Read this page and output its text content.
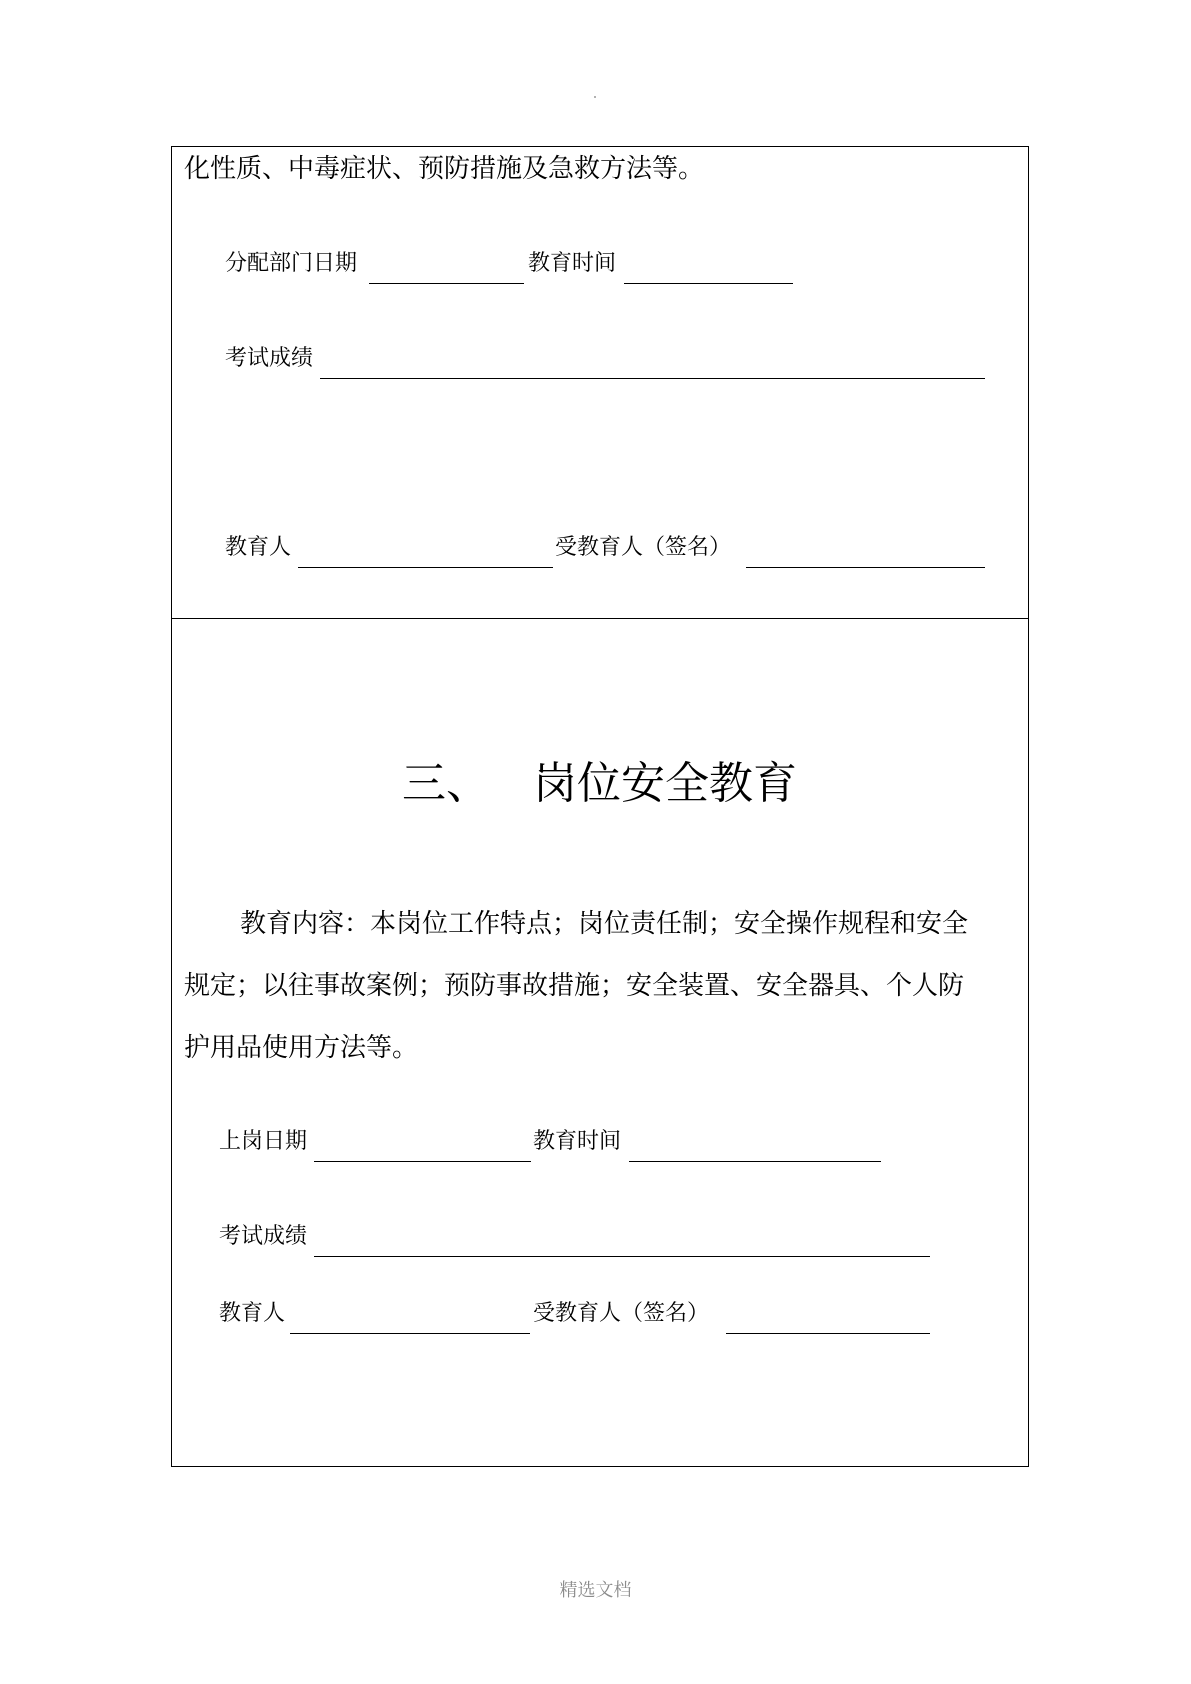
化性质、中毒症状、预防措施及急救方法等。
分配部门日期	教育时间
考试成绩
教育人	受教育人（签名）
三、 岗位安全教育
教育内容：本岗位工作特点；岗位责任制；安全操作规程和安全
规定；以往事故案例；预防事故措施；安全装置、安全器具、个人防
护用品使用方法等。
上岗日期	教育时间
考试成绩
教育人	受教育人（签名）
精选文档
